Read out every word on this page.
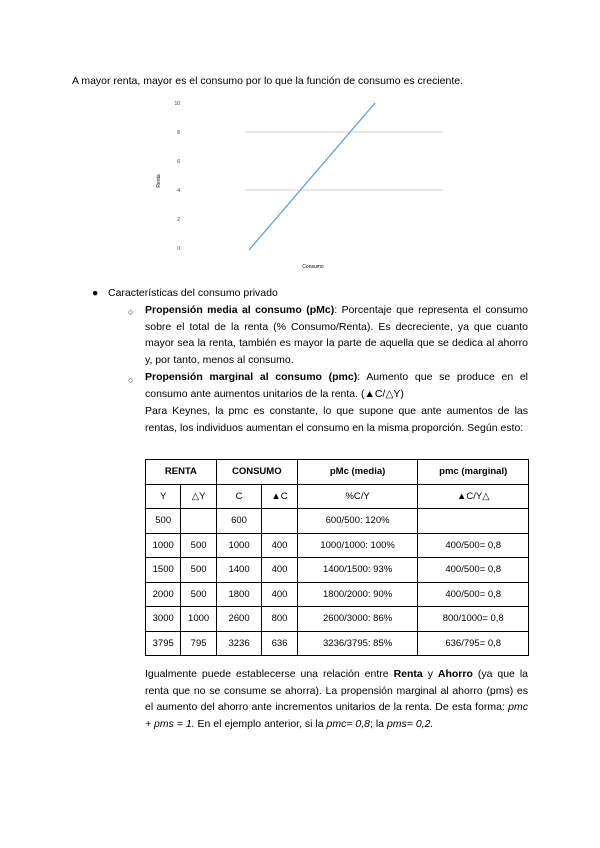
A mayor renta, mayor es el consumo por lo que la función de consumo es creciente.
10
8
6
4
2
0
Renta
Consumo
● Características del consumo privado
○ Propensión media al consumo (pMc): Porcentaje que representa el consumo sobre el total de la renta (% Consumo/Renta). Es decreciente, ya que cuanto mayor sea la renta, también es mayor la parte de aquella que se dedica al ahorro y, por tanto, menos al consumo.
○ Propensión marginal al consumo (pmc): Aumento que se produce en el consumo ante aumentos unitarios de la renta. (▲C/△Y)
Para Keynes, la pmc es constante, lo que supone que ante aumentos de las rentas, los individuos aumentan el consumo en la misma proporción. Según esto:
RENTA		CONSUMO		pMc (media)	pmc (marginal)
Y	△Y	C	▲C	%C/Y	▲C/Y△
500		600		600/500: 120%	
1000	500	1000	400	1000/1000: 100%	400/500= 0,8
1500	500	1400	400	1400/1500: 93%	400/500= 0,8
2000	500	1800	400	1800/2000: 90%	400/500= 0,8
3000	1000	2600	800	2600/3000: 86%	800/1000= 0,8
3795	795	3236	636	3236/3795: 85%	636/795= 0,8
Igualmente puede establecerse una relación entre Renta y Ahorro (ya que la renta que no se consume se ahorra). La propensión marginal al ahorro (pms) es el aumento del ahorro ante incrementos unitarios de la renta. De esta forma: pmc + pms = 1. En el ejemplo anterior, si la pmc= 0,8; la pms= 0,2.
